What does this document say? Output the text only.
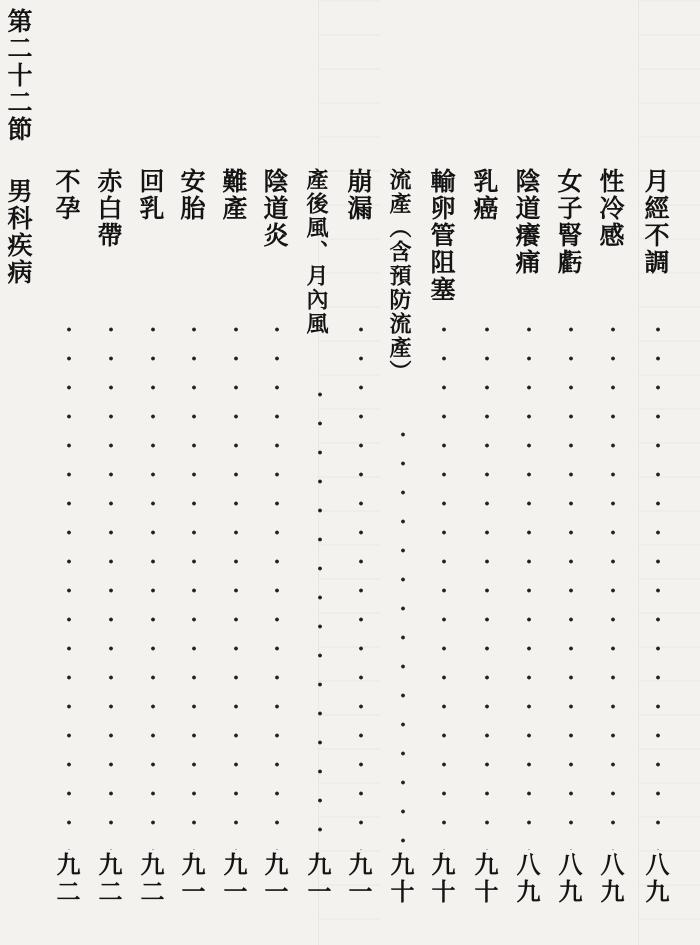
第二十二節
男科疾病	月經不調
八九
性冷感
八九
女子腎虧
八九
陰道癢痛
八九
乳癌
九十
輸卵管阻塞
九十
流產（含預防流產）
九十
崩漏
九一
產後風、月內風
九一
陰道炎
九一
難產
九一
安胎
九一
回乳
九二
赤白帶
九二
不孕
九二
